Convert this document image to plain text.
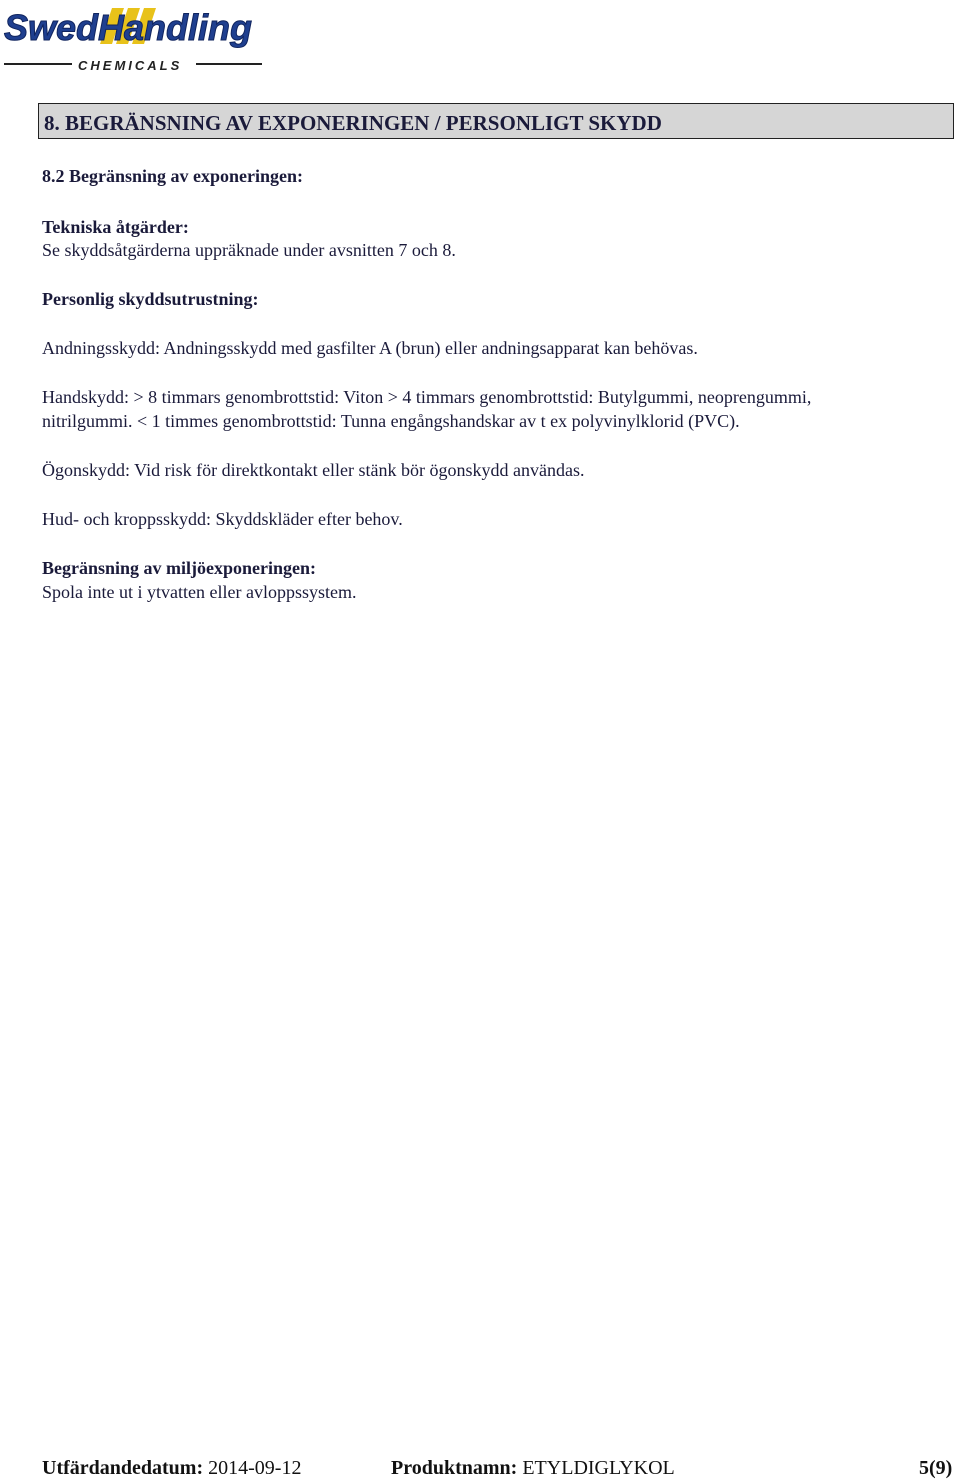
SwedHandling
CHEMICALS
8. BEGRÄNSNING AV EXPONERINGEN / PERSONLIGT SKYDD
8.2 Begränsning av exponeringen:
Tekniska åtgärder:
Se skyddsåtgärderna uppräknade under avsnitten 7 och 8.
Personlig skyddsutrustning:
Andningsskydd: Andningsskydd med gasfilter A (brun) eller andningsapparat kan behövas.
Handskydd: > 8 timmars genombrottstid: Viton > 4 timmars genombrottstid: Butylgummi, neoprengummi,
nitrilgummi. < 1 timmes genombrottstid: Tunna engångshandskar av t ex polyvinylklorid (PVC).
Ögonskydd: Vid risk för direktkontakt eller stänk bör ögonskydd användas.
Hud- och kroppsskydd: Skyddskläder efter behov.
Begränsning av miljöexponeringen:
Spola inte ut i ytvatten eller avloppssystem.
Utfärdandedatum: 2014-09-12	Produktnamn: ETYLDIGLYKOL	5(9)
